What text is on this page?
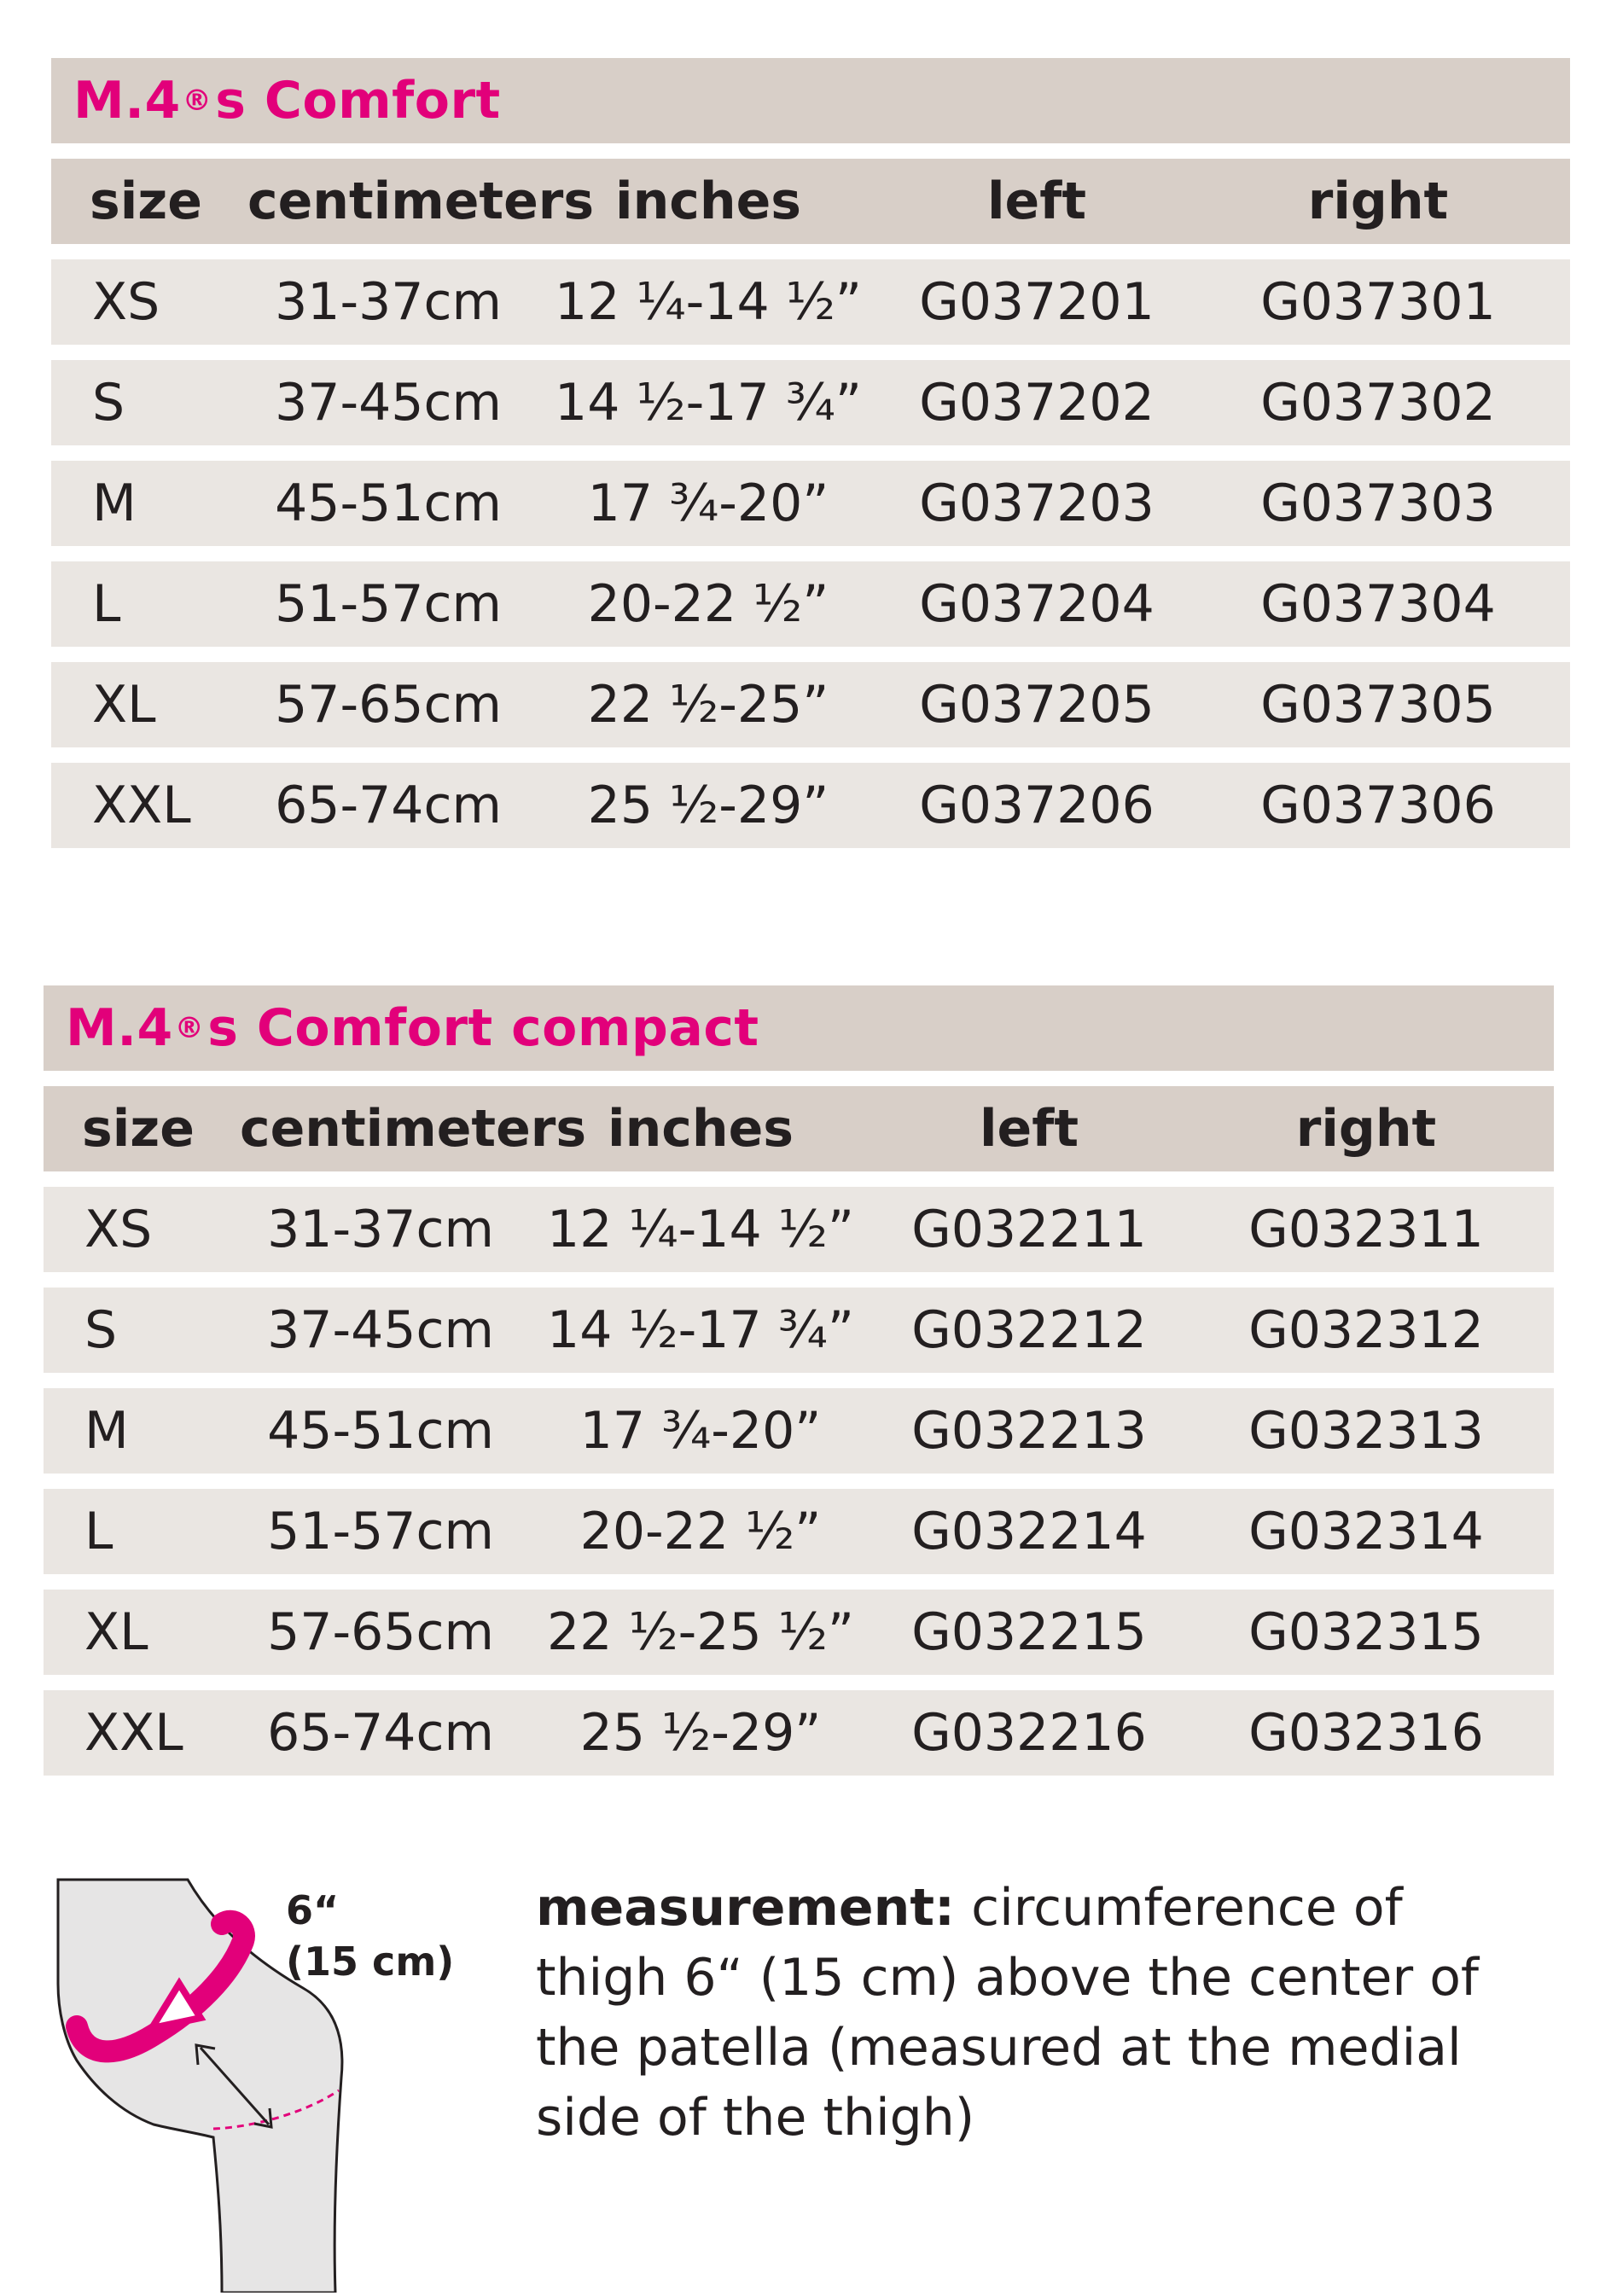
M.4 ® s Comfort
size centimeters inches	left	right
XS	31-37cm	12 ¼-14 ½”	G037201	G037301
S	37-45cm	14 ½-17 ¾”	G037202	G037302
M	45-51cm	17 ¾-20”	G037203	G037303
L	51-57cm	20-22 ½”	G037204	G037304
XL	57-65cm	22 ½-25”	G037205	G037305
XXL	65-74cm	25 ½-29”	G037206	G037306
M.4 ® s Comfort compact
size centimeters inches	left	right
XS	31-37cm	12 ¼-14 ½”	G032211	G032311
S	37-45cm	14 ½-17 ¾”	G032212	G032312
M	45-51cm	17 ¾-20”	G032213	G032313
L	51-57cm	20-22 ½”	G032214	G032314
XL	57-65cm	22 ½-25 ½”	G032215	G032315
XXL	65-74cm	25 ½-29”	G032216	G032316
6“
(15 cm)
measurement: circumference of thigh 6“ (15 cm) above the center of the patella (measured at the medial side of the thigh)
